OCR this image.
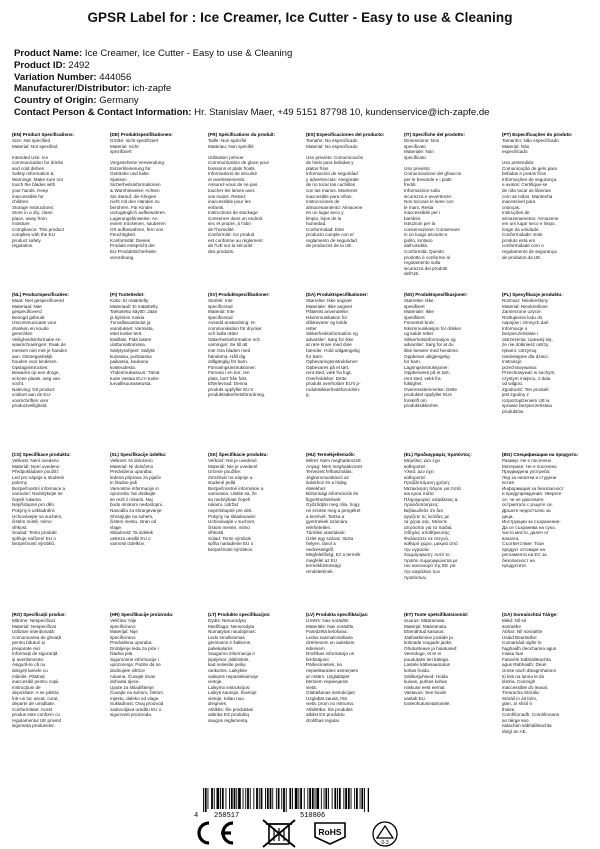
GPSR Label for : Ice Creamer, Ice Cutter - Easy to use & Cleaning
Product Name: Ice Creamer, Ice Cutter - Easy to use & Cleaning
Product ID: 2492
Variation Number: 444056
Manufacturer/Distributor: ich-zapfe
Country of Origin: Germany
Contact Person & Contact Information: Hr. Stanislav Maer, +49 5151 87798 10, kundenservice@ich-zapfe.de
(EN) Product Specifications:
Size: Not specified
Material: Not specified

Intended Use: Ice
communication for drinks
and cold dishes
Safety Information &
Warnings: Make sure not
touch the blades with
your hands. Keep
inaccessible for
children.
Storage Instructions:
Store in a dry, clean
place, away from
moisture.
Compliance: This product
complies with the EU
product safety
regulation.
(DE) Produktspezifikationen:
Größe: nicht spezifiziert
Material: nicht
spezifiziert

Vorgesehene Verwendung:
Eiszerkleinerung für
Getränke und kalte
Speisen
Sicherheitsinformationen
& Warnhinweise: Achten
Sie darauf, die Klingen
nicht mit den Händen zu
berühren. Für Kinder
unzugänglich aufbewahren.
Lagerungshinweise: An
einem trockenen, sauberen
Ort aufbewahren, fern von
Feuchtigkeit.
Konformität: Dieses
Produkt entspricht der
EU-Produktsicherheits-
verordnung.
(FR) Spécifications du produit:
Taille: Non spécifié
Matériau: Non spécifié

Utilisation prévue:
Communication de glace pour
boissons et plats froids
Informations de sécurité
et avertissements:
Assurez-vous de ne pas
toucher les lames avec
vos mains. Restez
inaccessible pour les
enfants.
Instructions de stockage:
Conserver dans un endroit
sec et propre, à l'abri
de l'humidité.
Conformité: Ce produit
est conforme au règlement
de l'UE sur la sécurité
des produits.
(ES) Especificaciones del producto:
Tamaño: No especificado
Material: No especificado

Uso previsto: Comunicación
de hielo para bebidas y
platos fríos
Información de seguridad
y advertencias: Asegúrate
de no tocar las cuchillas
con las manos. Mantener
inaccesible para niños.
Instrucciones de
almacenamiento: Almacene
en un lugar seco y
limpio, lejos de la
humedad.
Conformidad: Este
producto cumple con el
reglamento de seguridad
de productos de la UE.
(IT) Specifiche del prodotto:
Dimensione: Non
specificato
Materiale: Non
specificato

Uso previsto:
Comunicazione del ghiaccio
per le bevande e i piatti
freddi
Informazioni sulla
sicurezza e avvertenze:
Non toccare le lame con
le mani. Resta
inaccessibile per i
bambini.
Istruzioni per la
conservazione: Conservare
in un luogo asciutto e
pulito, lontano
dall'umidità.
Conformità: Questo
prodotto è conforme al
regolamento sulla
sicurezza dei prodotti
dell'UE.
(PT) Especificações do produto:
Tamanho: Não especificado
Material: Não
especificado

Uso pretendido:
Comunicação de gelo para
bebidas e pratos frios
Informações de segurança
e avisos: Certifique-se
de não tocar as lâminas
com as mãos. Mantenha
inacessível para
crianças.
Instruções de
armazenamento: Armazene
em um lugar seco e limpo,
longe da umidade.
Conformidade: Este
produto está em
conformidade com o
regulamento de segurança
de produtos da UE.
(NL) Productspecificaties:
Maat: Niet gespecificeerd
Materiaal: Niet
gespecificeerd
Beoogd gebruik:
IJscommunicatie voor
dranken en koude
gerechten
Veiligheidsinformatie en
waarschuwingen: Raak de
messen niet met je handen
aan. Ontoegankelijk
houden voor kinderen.
Opslaginstructies:
Bewaren op een droge,
schone plaats, weg van
vocht.
Naleving: Dit product
voldoet aan de EU-
voorschriften voor
productveiligheid.
(FI) Tuotetiedot:
Koko: Ei määritelty
Materiaali: Ei määritelty
Tarkoitettu käyttö: Jään
ja kylmien ruokia
Turvallisuustiedot ja
varoitukset: Varmista,
ettet koske terä
käsilläsi. Pidä lasten
ulottumattomissa.
Säilytysohjeet: Säilytä
kuivassa, puhtaassa
paikassa, kaukana
kosteudesta.
Yhdenmukaisuus: Tämä
tuote vastaa EU:n tuote-
turvallisuusasetusta.
(SV) Produktspecifikationer:
Storlek: Inte
specificerad
Material: Inte
specificerad
Avsedd användning: Is-
communikation för drycker
och kalla rätter
Säkerhetsinformation och
varningar: Se till att
inte röra bladen med
händerna. Håll dig
otillgänglig för barn.
Förvaringsinstruktioner:
Förvara i en torr, ren
plats, bort från fukt.
Efterlevnad: Denna
produkt uppfyller EU:s
produktsäkerhetsförordning.
(DA) Produktspecifikationer:
Størrelse: Ikke angivet
Materiale: Ikke angivet
Påtænkt anvendelse:
Iskommunikation for
drikkevarer og kolde
retter
Sikkerhedsinformation og
advarsler: Sørg for ikke
at røre knive med dine
hænder. Hold utilgængelig
for børn.
Opbevaringsinstruktioner:
Opbevares på et tørt,
rent sted, væk fra fugt.
Overholdelse: Dette
produkt overholder EU's p-
roduktsikkerhedsforordnin-
g.
(NO) Produktspesifikasjoner:
Størrelse: Ikke
spesifisert
Materiale: Ikke
spesifisert
Forventet bruk:
Iskommunikasjon for drikker
og kalde retter
Sikkerhetsinformasjon og
advarsler: Sørg for at du
ikke berører med hendene.
Oppbevar utilgjengelig
for barn.
Lagringsinstruksjoner:
Oppbevares på et tørt,
rent sted, vekk fra
fuktighet.
Overensstemmelse: Dette
produktet oppfyller EUs
forskrift om
produktsikkerhet.
(PL) Specyfikacje produktu:
Rozmiar: Nieokreślony
Materiał: Nieokreślone
Zamierzone użycie:
Rozłupienie lodu do
napojów i zimnych dań
Informacje o
bezpieczeństwie i
ostrzeżenia: Upewnij się,
że nie dotkniesz ostrzy
rękami. Utrzymuj
niedostępne dla dzieci.
Instrukcje
przechowywania:
Przechowywać w suchym,
czystym miejscu, z dala
od wilgoci.
Zgodność: Ten produkt
jest zgodny z
rozporządzeniem UE w
sprawie bezpieczeństwa
produktów.
(CS) Specifikace produktu:
Velikost: Není uvedeno
Materiál: Není uvedeno
Předpokládané použití:
Led pro nápoje a studené
pokrmy
Bezpečnostní informace a
varování: Nedotýkejte se
čepelí rukama.
Nepřístupné pro děti.
Pokyny k uskladnění:
Uchovávejte na suchém,
čistém místě, mimo
vlhkost.
Soulad: Tento produkt
splňuje nařízení EU o
bezpečnosti výrobků.
(SL) Specifikacije izdelka:
Velikost: Ni določeno
Material: Ni določeno
Predvidena uporaba:
ledena priprava za pijače
in hladne jedi
Varnostne informacije in
opozorila: Ne dotikajte
se rezil z rokami. Naj
bodo otrokom nedostopni.
Navodila za shranjevanje:
Shranjujte na suhem,
čistem mestu, stran od
vlage.
Skladnost: Ta izdelek
ustreza uredbi EU o
varnosti izdelkov.
(SK) Špecifikácie produktu:
Veľkosť: Nie je uvedené
Materiál: Nie je uvedené
Určené použitie:
Zmrzlinár na nápoje a
studené jedlá
Bezpečnostné informácie a
varovania: Uistite sa, že
sa nedotýkate čepelí
rukami. Udržať
nepríristupné pre deti.
Pokyny na skladovanie:
Uchovávajte v suchom,
čistom mieste, mimo
vlhkosti.
Súlad: Tento výrobok
spĺňa nariadenie EÚ o
bezpečnosti výrobkov.
(HU) Termékjellemzők:
Méret: Nem meghatározott
Anyag: Nem meghatározott
Tervezett felhasználás:
Jégkommunikáció az
italokhoz és a hideg
ételekhez
Biztonsági információk és
figyelmeztetések:
Győződjön meg róla, hogy
ne érintse meg a pengéket
a kezével. Tartsa a
gyermekek számára
elérhetetlen.
Tárolási utasítások:
Üzlet egy száraz, tiszta
helyen, távol a
nedvességtől.
Megfelelőség: Ez a termék
megfelel az EU
termékbiztonsági
rendeletének.
(EL) Προδιαγραφές προϊόντος:
Μέγεθος: Δεν έχει
καθοριστεί
Υλικό: Δεν έχει
καθοριστεί
Προβλεπόμενη χρήση:
Μετακίνηση πάγου για ποτά
και κρύα πιάτα
Πληροφορίες ασφάλειας &
προειδοποιήσεις:
Βεβαιωθείτε ότι δεν
αγγίζετε τις λεπίδες με
τα χέρια σας. Μείνετε
απρόσιτοι για τα παιδιά.
Οδηγίες αποθήκευσης:
Φυλάσσετε σε στεγνό,
καθαρό χώρο, μακριά από
την υγρασία.
Συμμόρφωση: Αυτό το
προϊόν συμμορφώνεται με
τον κανονισμό της ΕΕ για
την ασφάλεια των
προϊόντων.
(BG) Спецификации на продукта:
Размер: Не е посочено
Материал: Не е посочено
Предвидена употреба:
Лед за напитки и студени
ястия
Информация за безопасност
и предупреждения: Уверете
се, че не докосвате
остриетата с ръцете си.
Дръжте недостъпно за
деца.
Инструкции за съхранение:
Да се съхранява на сухо,
чисто място, далеч от
влагата.
Съответствие: Този
продукт отговаря на
регламента на ЕС за
безопасност на
продуктите.
(RO) Specificații produs:
Mărime: Nespecificat
Material: Nespecificat
Utilizare intenționată:
Comunicarea de gheață
pentru băuturi și
preparate reci
Informații de siguranță
și avertismente:
Asigură-te că nu
atingeți lamele cu
mâinile. Păstrați
inaccesibil pentru copii.
Instrucțiuni de
depozitare: A se păstra
într-un loc uscat, curat,
departe de umiditate.
Conformitate: Acest
produs este conform cu
regulamentul UE privind
siguranța produselor.
(HR) Specifikacije proizvoda:
Veličina: Nije
specificirano
Materijal: Nije
specificirano
Predviđena uporaba:
Drobljenje leda za piće i
hladna jela
Sigurnosne informacije i
upozorenja: Pazite da ne
dodirujete oštrice
rukama. Čuvajte izvan
dohvata djece.
Upute za skladištenje:
Čuvajte na suhom, čistom
mjestu, daleko od vlage.
Sukladnost: Ovaj proizvod
zadovoljava uredbu EU o
sigurnosti proizvoda.
(LT) Produkto specifikacijos:
Dydis: Nenurodyta
Medžiaga: Nenurodyta
Numatytas naudojimas:
Ledo smulkinimas
gėrimams ir šaltiems
patiekalams
Saugumo informacija ir
įspėjimai: Įsitikinkite,
kad neliesite peilių
rankomis. Laikykite
vaikams nepasiekiamoje
vietoje.
Laikymo instrukcijos:
Laikyti sausoje, švarioje
vietoje, toliau nuo
drėgmės.
Atitiktis: Šis produktas
atitinka ES produktų
saugos reglamentą.
(LV) Produkta specifikācijas:
Izmērs: Nav norādīts
Materiāls: Nav norādīts
Paredzētā lietošana:
Ledus sasmalcināšana
dzērieniem un aukstiem
ēdieniem
Drošības informācija un
brīdinājumi:
Pārliecinieties, ka
nepieskaraties asmeņiem
ar rokām. Uzglabājiet
bērniem nepieejamā
vietā.
Glabāšanas instrukcijas:
Uzglabāt sausā, tīrā
vietā, prom no mitruma.
Atbilstība: Šis produkts
atbilst ES produktu
drošības regulai.
(ET) Toote spetsifikatsioonid:
Suurus: Määramata
Materjal: Määramata
Ettenähtud kasutus:
Jäähakkimine jookide ja
külmade roogade jaoks
Ohutusteave ja hoiatused:
Veenduge, et te ei
puudutaks teri kätega.
Lastele kättesaamatus
kohas hoida.
Säilitusjuhised: Hoida
kuivas, puhtas kohas
niiskuse eest eemal.
Vastavus: See toode
vastab ELi
tooteohutusmäärusele.
(GA) Sonraíochtaí Táirge:
Méid: Níl sé
sonraithe
Ábhar: Níl sonraithe
Úsáid Beartaithe:
Cumarsáid oighir le
haghaidh deochanna agus
miasa fuar
Faisnéis Sábháilteachta
agus Rabhaidh: Déan
cinnte nach dteagmhaíonn
tú leis na lanna le do
lámha. Coinnigh
inaccessible do leanaí.
Treoracha Stórála:
Stóráil in áit tirim,
glan, ar shiúl ó
thaise.
Comhlíonadh: Comhlíonann
an táirge seo
rialachán sábháilteachta
táirgí an AE.
4 250517	510806
RoHS
0-3
